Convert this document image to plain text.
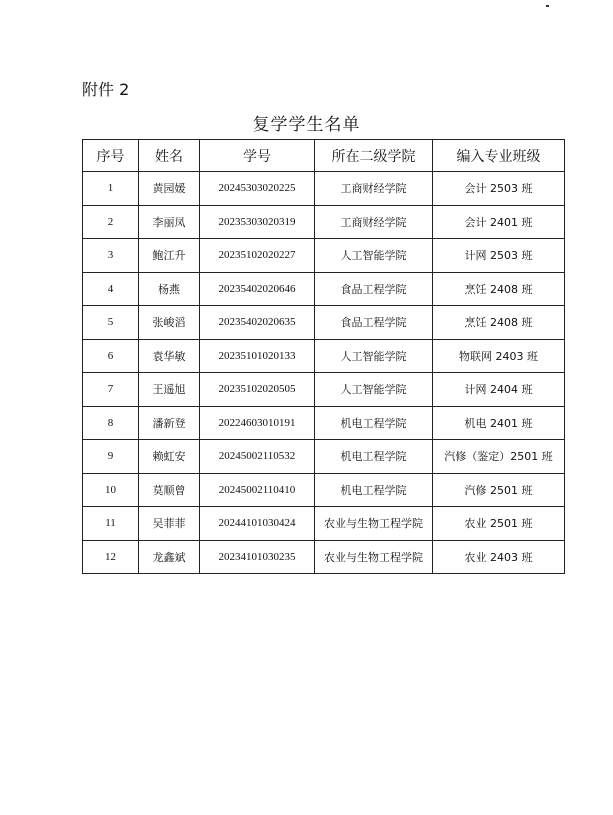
附件 2
复学学生名单
序号	姓名	学号	所在二级学院	编入专业班级
1	黄园媛	20245303020225	工商财经学院	会计 2503 班
2	李丽凤	20235303020319	工商财经学院	会计 2401 班
3	鲍江升	20235102020227	人工智能学院	计网 2503 班
4	杨燕	20235402020646	食品工程学院	烹饪 2408 班
5	张峻滔	20235402020635	食品工程学院	烹饪 2408 班
6	袁华敏	20235101020133	人工智能学院	物联网 2403 班
7	王遥旭	20235102020505	人工智能学院	计网 2404 班
8	潘新登	20224603010191	机电工程学院	机电 2401 班
9	赖虹安	20245002110532	机电工程学院	汽修（鉴定）2501 班
10	莫顺曾	20245002110410	机电工程学院	汽修 2501 班
11	吴菲菲	20244101030424	农业与生物工程学院	农业 2501 班
12	龙鑫斌	20234101030235	农业与生物工程学院	农业 2403 班
